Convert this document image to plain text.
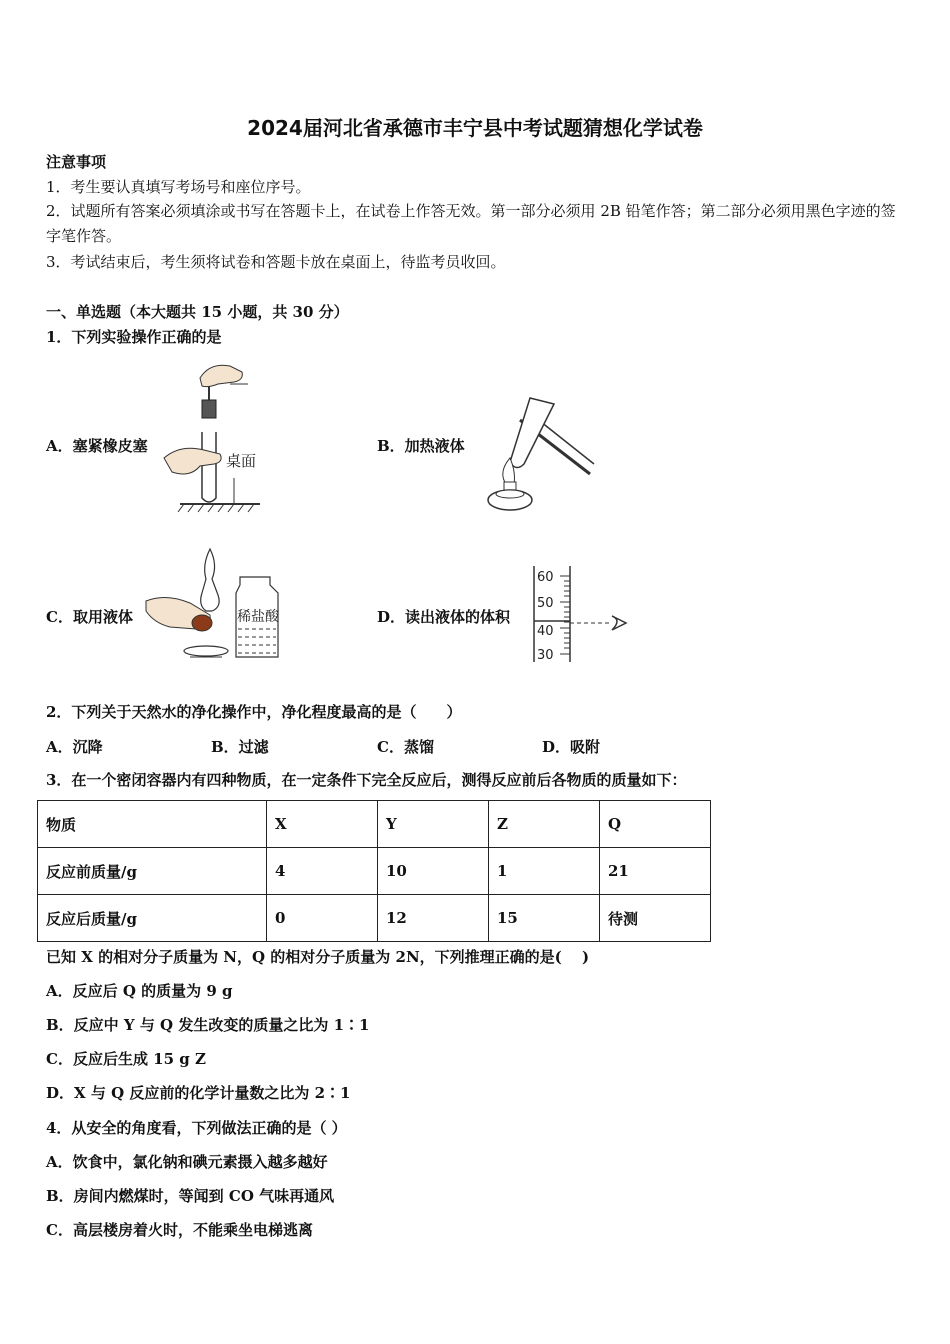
2024届河北省承德市丰宁县中考试题猜想化学试卷
注意事项
1．考生要认真填写考场号和座位序号。
2．试题所有答案必须填涂或书写在答题卡上，在试卷上作答无效。第一部分必须用 2B 铅笔作答；第二部分必须用黑色字迹的签字笔作答。
3．考试结束后，考生须将试卷和答题卡放在桌面上，待监考员收回。
一、单选题（本大题共 15 小题，共 30 分）
1．下列实验操作正确的是
A．塞紧橡皮塞
桌面
B．加热液体
C．取用液体	稀盐酸	D．读出液体的体积
60
50
40
30
2．下列关于天然水的净化操作中，净化程度最高的是（　　）
A．沉降	B．过滤	C．蒸馏	D．吸附
3．在一个密闭容器内有四种物质，在一定条件下完全反应后，测得反应前后各物质的质量如下：
物质	X	Y	Z	Q
反应前质量/g	4	10	1	21
反应后质量/g	0	12	15	待测
已知 X 的相对分子质量为 N，Q 的相对分子质量为 2N，下列推理正确的是(　 )
A．反应后 Q 的质量为 9 g
B．反应中 Y 与 Q 发生改变的质量之比为 1∶1
C．反应后生成 15 g Z
D．X 与 Q 反应前的化学计量数之比为 2∶1
4．从安全的角度看，下列做法正确的是（ ）
A．饮食中，氯化钠和碘元素摄入越多越好
B．房间内燃煤时，等闻到 CO 气味再通风
C．高层楼房着火时，不能乘坐电梯逃离
